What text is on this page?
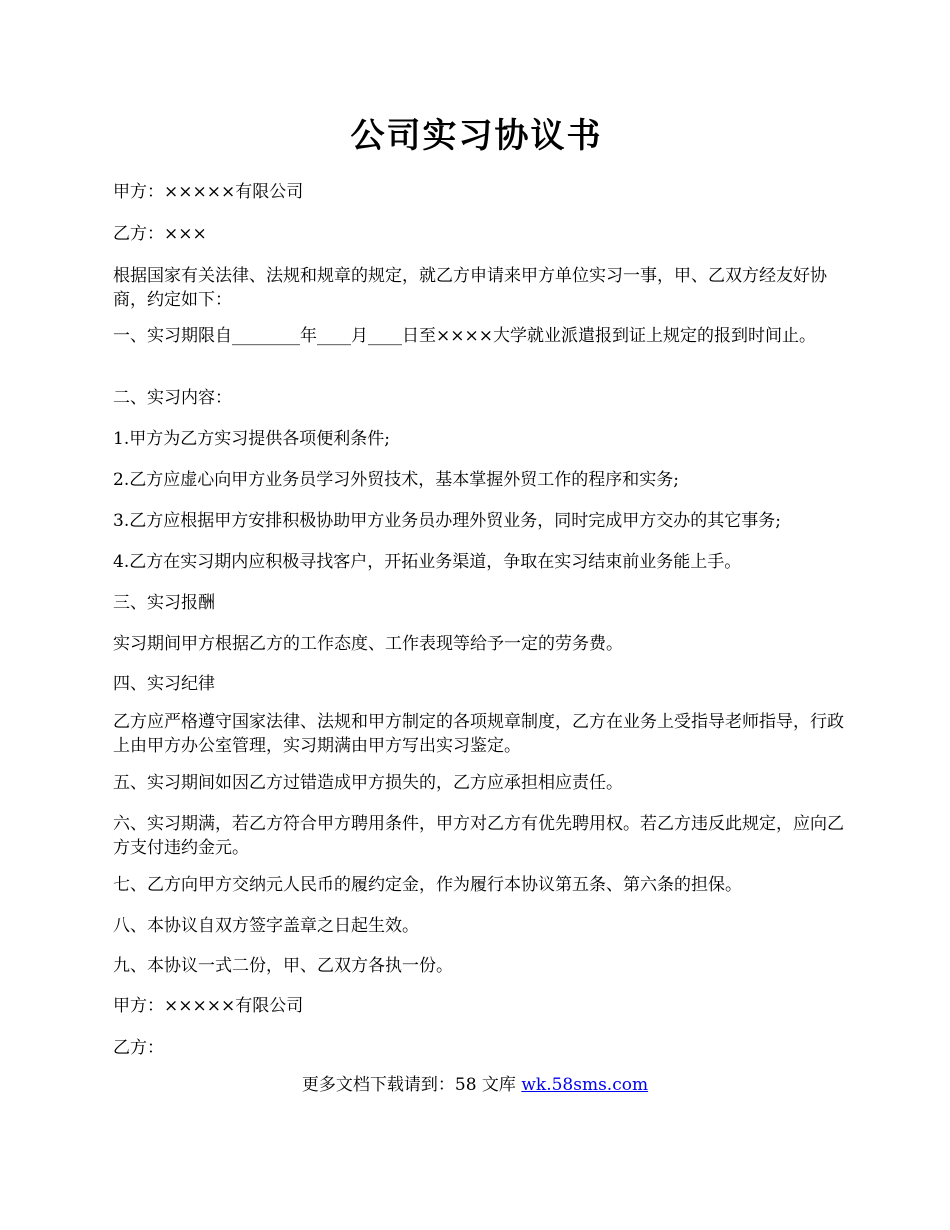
公司实习协议书

甲方：×××××有限公司

乙方：×××

根据国家有关法律、法规和规章的规定，就乙方申请来甲方单位实习一事，甲、乙双方经友好协商，约定如下：

一、实习期限自________年____月____日至××××大学就业派遣报到证上规定的报到时间止。

二、实习内容：

1.甲方为乙方实习提供各项便利条件;

2.乙方应虚心向甲方业务员学习外贸技术，基本掌握外贸工作的程序和实务;

3.乙方应根据甲方安排积极协助甲方业务员办理外贸业务，同时完成甲方交办的其它事务;

4.乙方在实习期内应积极寻找客户，开拓业务渠道，争取在实习结束前业务能上手。

三、实习报酬

实习期间甲方根据乙方的工作态度、工作表现等给予一定的劳务费。

四、实习纪律

乙方应严格遵守国家法律、法规和甲方制定的各项规章制度，乙方在业务上受指导老师指导，行政上由甲方办公室管理，实习期满由甲方写出实习鉴定。

五、实习期间如因乙方过错造成甲方损失的，乙方应承担相应责任。

六、实习期满，若乙方符合甲方聘用条件，甲方对乙方有优先聘用权。若乙方违反此规定，应向乙方支付违约金元。

七、乙方向甲方交纳元人民币的履约定金，作为履行本协议第五条、第六条的担保。

八、本协议自双方签字盖章之日起生效。

九、本协议一式二份，甲、乙双方各执一份。

甲方：×××××有限公司

乙方：

更多文档下载请到：58 文库 wk.58sms.com
